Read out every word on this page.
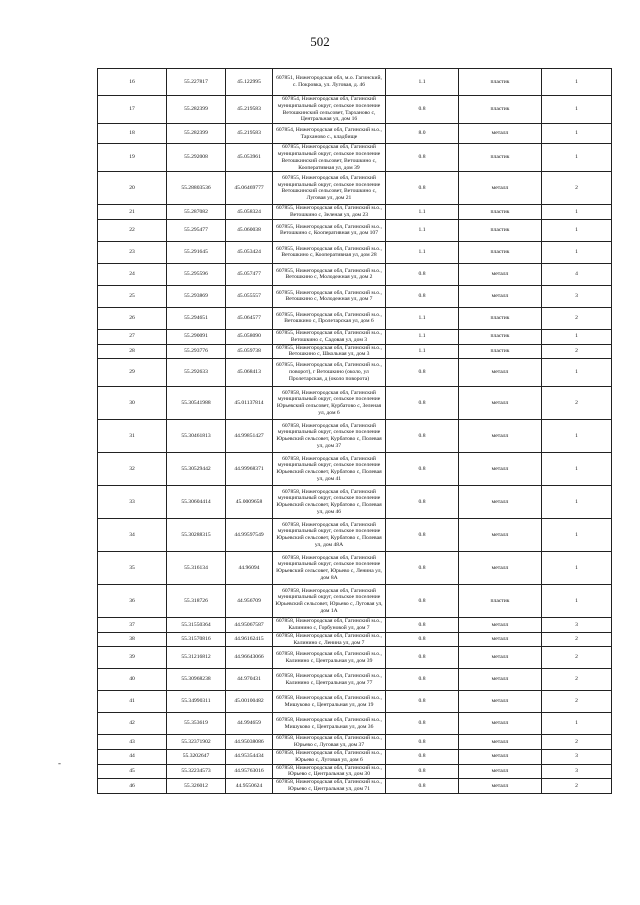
502
16	55.227817	45.122995	607851, Нижегородская обл, м.о. Гагинский, с. Покровка, ул. Луговая, д. 46	1.1	пластик	1
17	55.282399	45.219583	607854, Нижегородская обл, Гагинский муниципальный округ, сельское поселение Ветошкинский сельсовет, Тарханово с, Центральная ул, дом 16	0.8	пластик	1
18	55.282399	45.219583	607854, Нижегородская обл, Гагинский м.о., Тарханово с., кладбище	8.0	металл	1
19	55.292008	45.053961	607855, Нижегородская обл, Гагинский муниципальный округ, сельское поселение Ветошкинский сельсовет, Ветошкино с, Кооперативная ул, дом 39	0.8	пластик	1
20	55.28803536	45.06469777	607855, Нижегородская обл, Гагинский муниципальный округ, сельское поселение Ветошкинский сельсовет, Ветошкино с, Луговая ул, дом 21	0.8	металл	2
21	55.287082	45.058324	607855, Нижегородская обл, Гагинский м.о., Ветошкино с, Зеленая ул, дом 23	1.1	пластик	1
22	55.295477	45.060038	607855, Нижегородская обл, Гагинский м.о., Ветошкино с, Кооперативная ул, дом 107	1.1	пластик	1
23	55.291645	45.053424	607855, Нижегородская обл, Гагинский м.о., Ветошкино с, Кооперативная ул, дом 28	1.1	пластик	1
24	55.295596	45.057477	607855, Нижегородская обл, Гагинский м.о., Ветошкино с, Молодежная ул, дом 2	0.8	металл	4
25	55.293869	45.055557	607855, Нижегородская обл, Гагинский м.о., Ветошкино с, Молодежная ул, дом 7	0.8	металл	3
26	55.294651	45.064577	607855, Нижегородская обл, Гагинский м.о., Ветошкино с, Пролетарская ул, дом 6	1.1	пластик	2
27	55.290091	45.058090	607855, Нижегородская обл, Гагинский м.о., Ветошкино с, Садовая ул, дом 3	1.1	пластик	1
28	55.293776	45.059738	607855, Нижегородская обл, Гагинский м.о., Ветошкино с, Школьная ул, дом 3	1.1	пластик	2
29	55.292633	45.068413	607855, Нижегородская обл, Гагинский м.о., поворот), г Ветошкино (около, ул Пролетарская, д (около поворота)	0.8	металл	1
30	55.30541988	45.01137814	607858, Нижегородская обл, Гагинский муниципальный округ, сельское поселение Юрьевский сельсовет, Курбатово с, Зеленая ул, дом 6	0.8	металл	2
31	55.30461813	44.99851427	607858, Нижегородская обл, Гагинский муниципальный округ, сельское поселение Юрьевский сельсовет, Курбатово с, Полевая ул, дом 37	0.8	металл	1
32	55.30529442	44.99968371	607858, Нижегородская обл, Гагинский муниципальный округ, сельское поселение Юрьевский сельсовет, Курбатово с, Полевая ул, дом 41	0.8	металл	1
33	55.30604414	45.0009658	607858, Нижегородская обл, Гагинский муниципальный округ, сельское поселение Юрьевский сельсовет, Курбатово с, Полевая ул, дом 46	0.8	металл	1
34	55.30288315	44.99597549	607858, Нижегородская обл, Гагинский муниципальный округ, сельское поселение Юрьевский сельсовет, Курбатово с, Полевая ул, дом 48А	0.8	металл	1
35	55.316134	44.96094	607858, Нижегородская обл, Гагинский муниципальный округ, сельское поселение Юрьевский сельсовет, Юрьево с, Ленина ул, дом 8А	0.8	металл	1
36	55.318726	44.956709	607858, Нижегородская обл, Гагинский муниципальный округ, сельское поселение Юрьевский сельсовет, Юрьево с, Луговая ул, дом 1А	0.8	пластик	1
37	55.31550364	44.95067587	607858, Нижегородская обл, Гагинский м.о., Калинино с, Горбуновой ул, дом 7	0.8	металл	3
38	55.31570816	44.96162415	607858, Нижегородская обл, Гагинский м.о., Калинино с, Ленина ул, дом 7	0.8	металл	2
39	55.31216812	44.96643066	607858, Нижегородская обл, Гагинский м.о., Калинино с, Центральная ул, дом 39	0.8	металл	2
40	55.30968238	44.970431	607858, Нижегородская обл, Гагинский м.о., Калинино с, Центральная ул, дом 77	0.8	металл	2
41	55.34990311	45.00100482	607858, Нижегородская обл, Гагинский м.о., Мишуково с, Центральная ул, дом 19	0.8	металл	2
42	55.353619	44.994659	607858, Нижегородская обл, Гагинский м.о., Мишуково с, Центральная ул, дом 36	0.8	металл	1
43	55.32371902	44.95038086	607858, Нижегородская обл, Гагинский м.о., Юрьево с, Луговая ул, дом 37	0.8	металл	2
44	55.3202647	44.95354434	607858, Нижегородская обл, Гагинский м.о., Юрьево с, Луговая ул, дом 6	0.8	металл	3
45	55.32234573	44.95763016	607858, Нижегородская обл, Гагинский м.о., Юрьево с, Центральная ул, дом 30	0.8	металл	3
46	55.326012	44.9550624	607858, Нижегородская обл, Гагинский м.о., Юрьево с, Центральная ул, дом 71	0.8	металл	2
-
